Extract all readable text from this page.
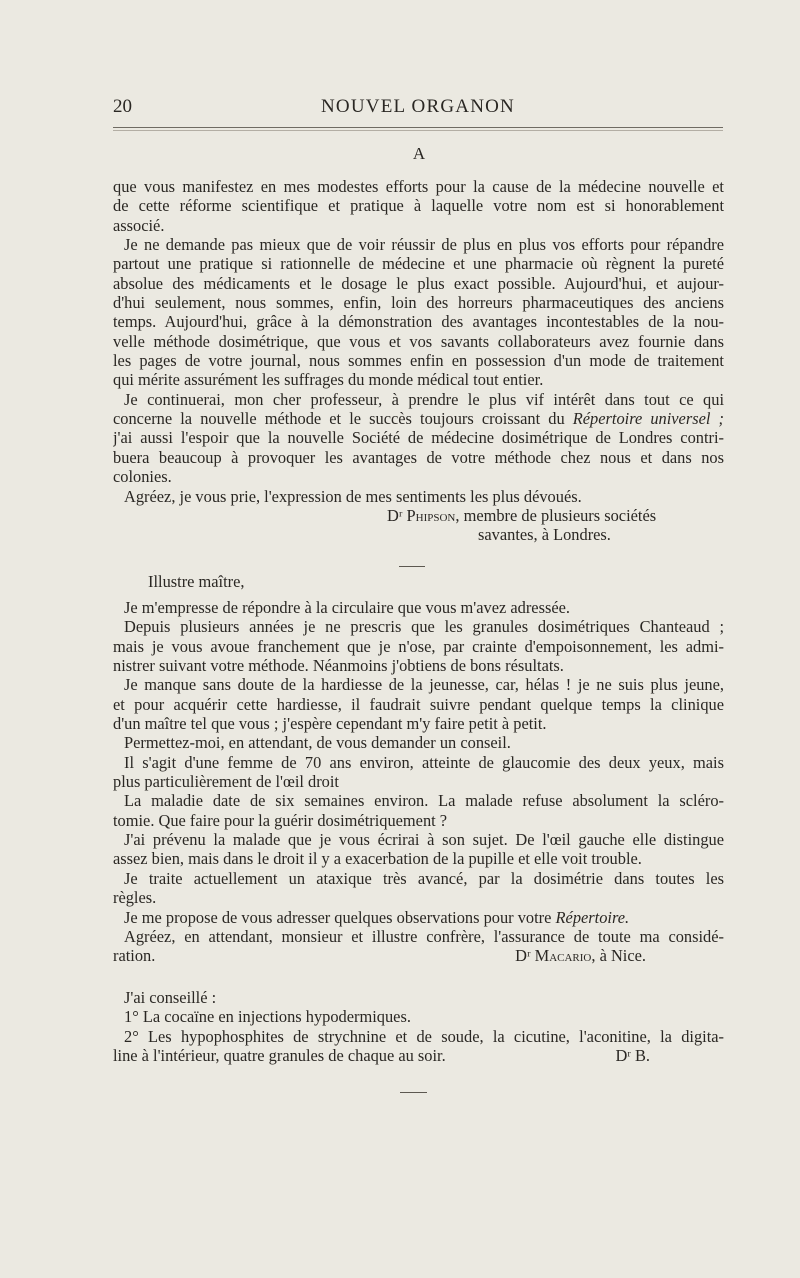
20	NOUVEL ORGANON
A
que vous manifestez en mes modestes efforts pour la cause de la médecine nouvelle et
de cette réforme scientifique et pratique à laquelle votre nom est si honorablement
associé.
Je ne demande pas mieux que de voir réussir de plus en plus vos efforts pour répandre
partout une pratique si rationnelle de médecine et une pharmacie où règnent la pureté
absolue des médicaments et le dosage le plus exact possible. Aujourd'hui, et aujour-
d'hui seulement, nous sommes, enfin, loin des horreurs pharmaceutiques des anciens
temps. Aujourd'hui, grâce à la démonstration des avantages incontestables de la nou-
velle méthode dosimétrique, que vous et vos savants collaborateurs avez fournie dans
les pages de votre journal, nous sommes enfin en possession d'un mode de traitement
qui mérite assurément les suffrages du monde médical tout entier.
Je continuerai, mon cher professeur, à prendre le plus vif intérêt dans tout ce qui
concerne la nouvelle méthode et le succès toujours croissant du Répertoire universel ;
j'ai aussi l'espoir que la nouvelle Société de médecine dosimétrique de Londres contri-
buera beaucoup à provoquer les avantages de votre méthode chez nous et dans nos
colonies.
Agréez, je vous prie, l'expression de mes sentiments les plus dévoués.
Dʳ Phipson, membre de plusieurs sociétés
savantes, à Londres.
Illustre maître,
Je m'empresse de répondre à la circulaire que vous m'avez adressée.
Depuis plusieurs années je ne prescris que les granules dosimétriques Chanteaud ;
mais je vous avoue franchement que je n'ose, par crainte d'empoisonnement, les admi-
nistrer suivant votre méthode. Néanmoins j'obtiens de bons résultats.
Je manque sans doute de la hardiesse de la jeunesse, car, hélas ! je ne suis plus jeune,
et pour acquérir cette hardiesse, il faudrait suivre pendant quelque temps la clinique
d'un maître tel que vous ; j'espère cependant m'y faire petit à petit.
Permettez-moi, en attendant, de vous demander un conseil.
Il s'agit d'une femme de 70 ans environ, atteinte de glaucomie des deux yeux, mais
plus particulièrement de l'œil droit
La maladie date de six semaines environ. La malade refuse absolument la scléro-
tomie. Que faire pour la guérir dosimétriquement ?
J'ai prévenu la malade que je vous écrirai à son sujet. De l'œil gauche elle distingue
assez bien, mais dans le droit il y a exacerbation de la pupille et elle voit trouble.
Je traite actuellement un ataxique très avancé, par la dosimétrie dans toutes les
règles.
Je me propose de vous adresser quelques observations pour votre Répertoire.
Agréez, en attendant, monsieur et illustre confrère, l'assurance de toute ma considé-
ration.	Dʳ Macario, à Nice.
J'ai conseillé :
1° La cocaïne en injections hypodermiques.
2° Les hypophosphites de strychnine et de soude, la cicutine, l'aconitine, la digita-
line à l'intérieur, quatre granules de chaque au soir.	Dʳ B.
